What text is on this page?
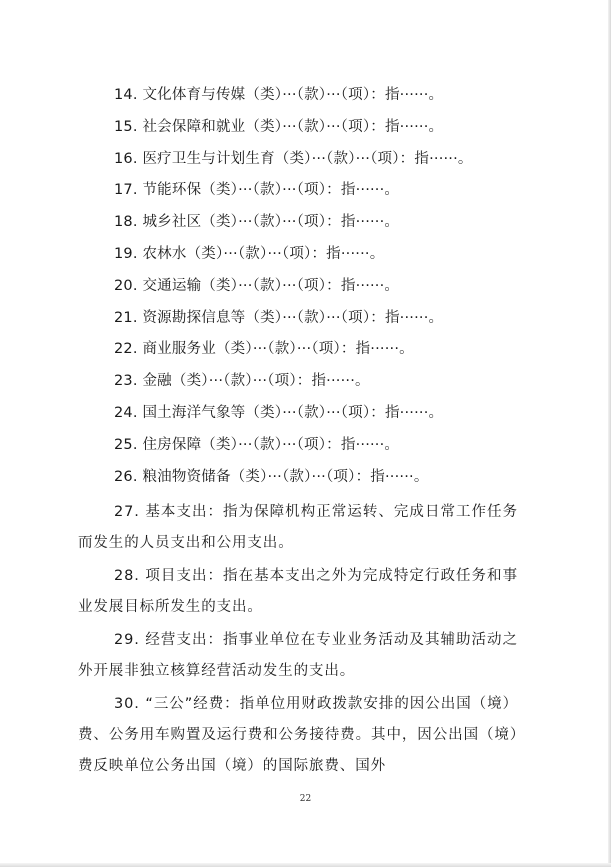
14. 文化体育与传媒（类）···（款）···（项）：指······。
15. 社会保障和就业（类）···（款）···（项）：指······。
16. 医疗卫生与计划生育（类）···（款）···（项）：指······。
17. 节能环保（类）···（款）···（项）：指······。
18. 城乡社区（类）···（款）···（项）：指······。
19. 农林水（类）···（款）···（项）：指······。
20. 交通运输（类）···（款）···（项）：指······。
21. 资源勘探信息等（类）···（款）···（项）：指······。
22. 商业服务业（类）···（款）···（项）：指······。
23. 金融（类）···（款）···（项）：指······。
24. 国土海洋气象等（类）···（款）···（项）：指······。
25. 住房保障（类）···（款）···（项）：指······。
26. 粮油物资储备（类）···（款）···（项）：指······。

27. 基本支出：指为保障机构正常运转、完成日常工作任务而发生的人员支出和公用支出。

28. 项目支出：指在基本支出之外为完成特定行政任务和事业发展目标所发生的支出。

29. 经营支出：指事业单位在专业业务活动及其辅助活动之外开展非独立核算经营活动发生的支出。

30. “三公”经费：指单位用财政拨款安排的因公出国（境）费、公务用车购置及运行费和公务接待费。其中，因公出国（境）费反映单位公务出国（境）的国际旅费、国外

22
